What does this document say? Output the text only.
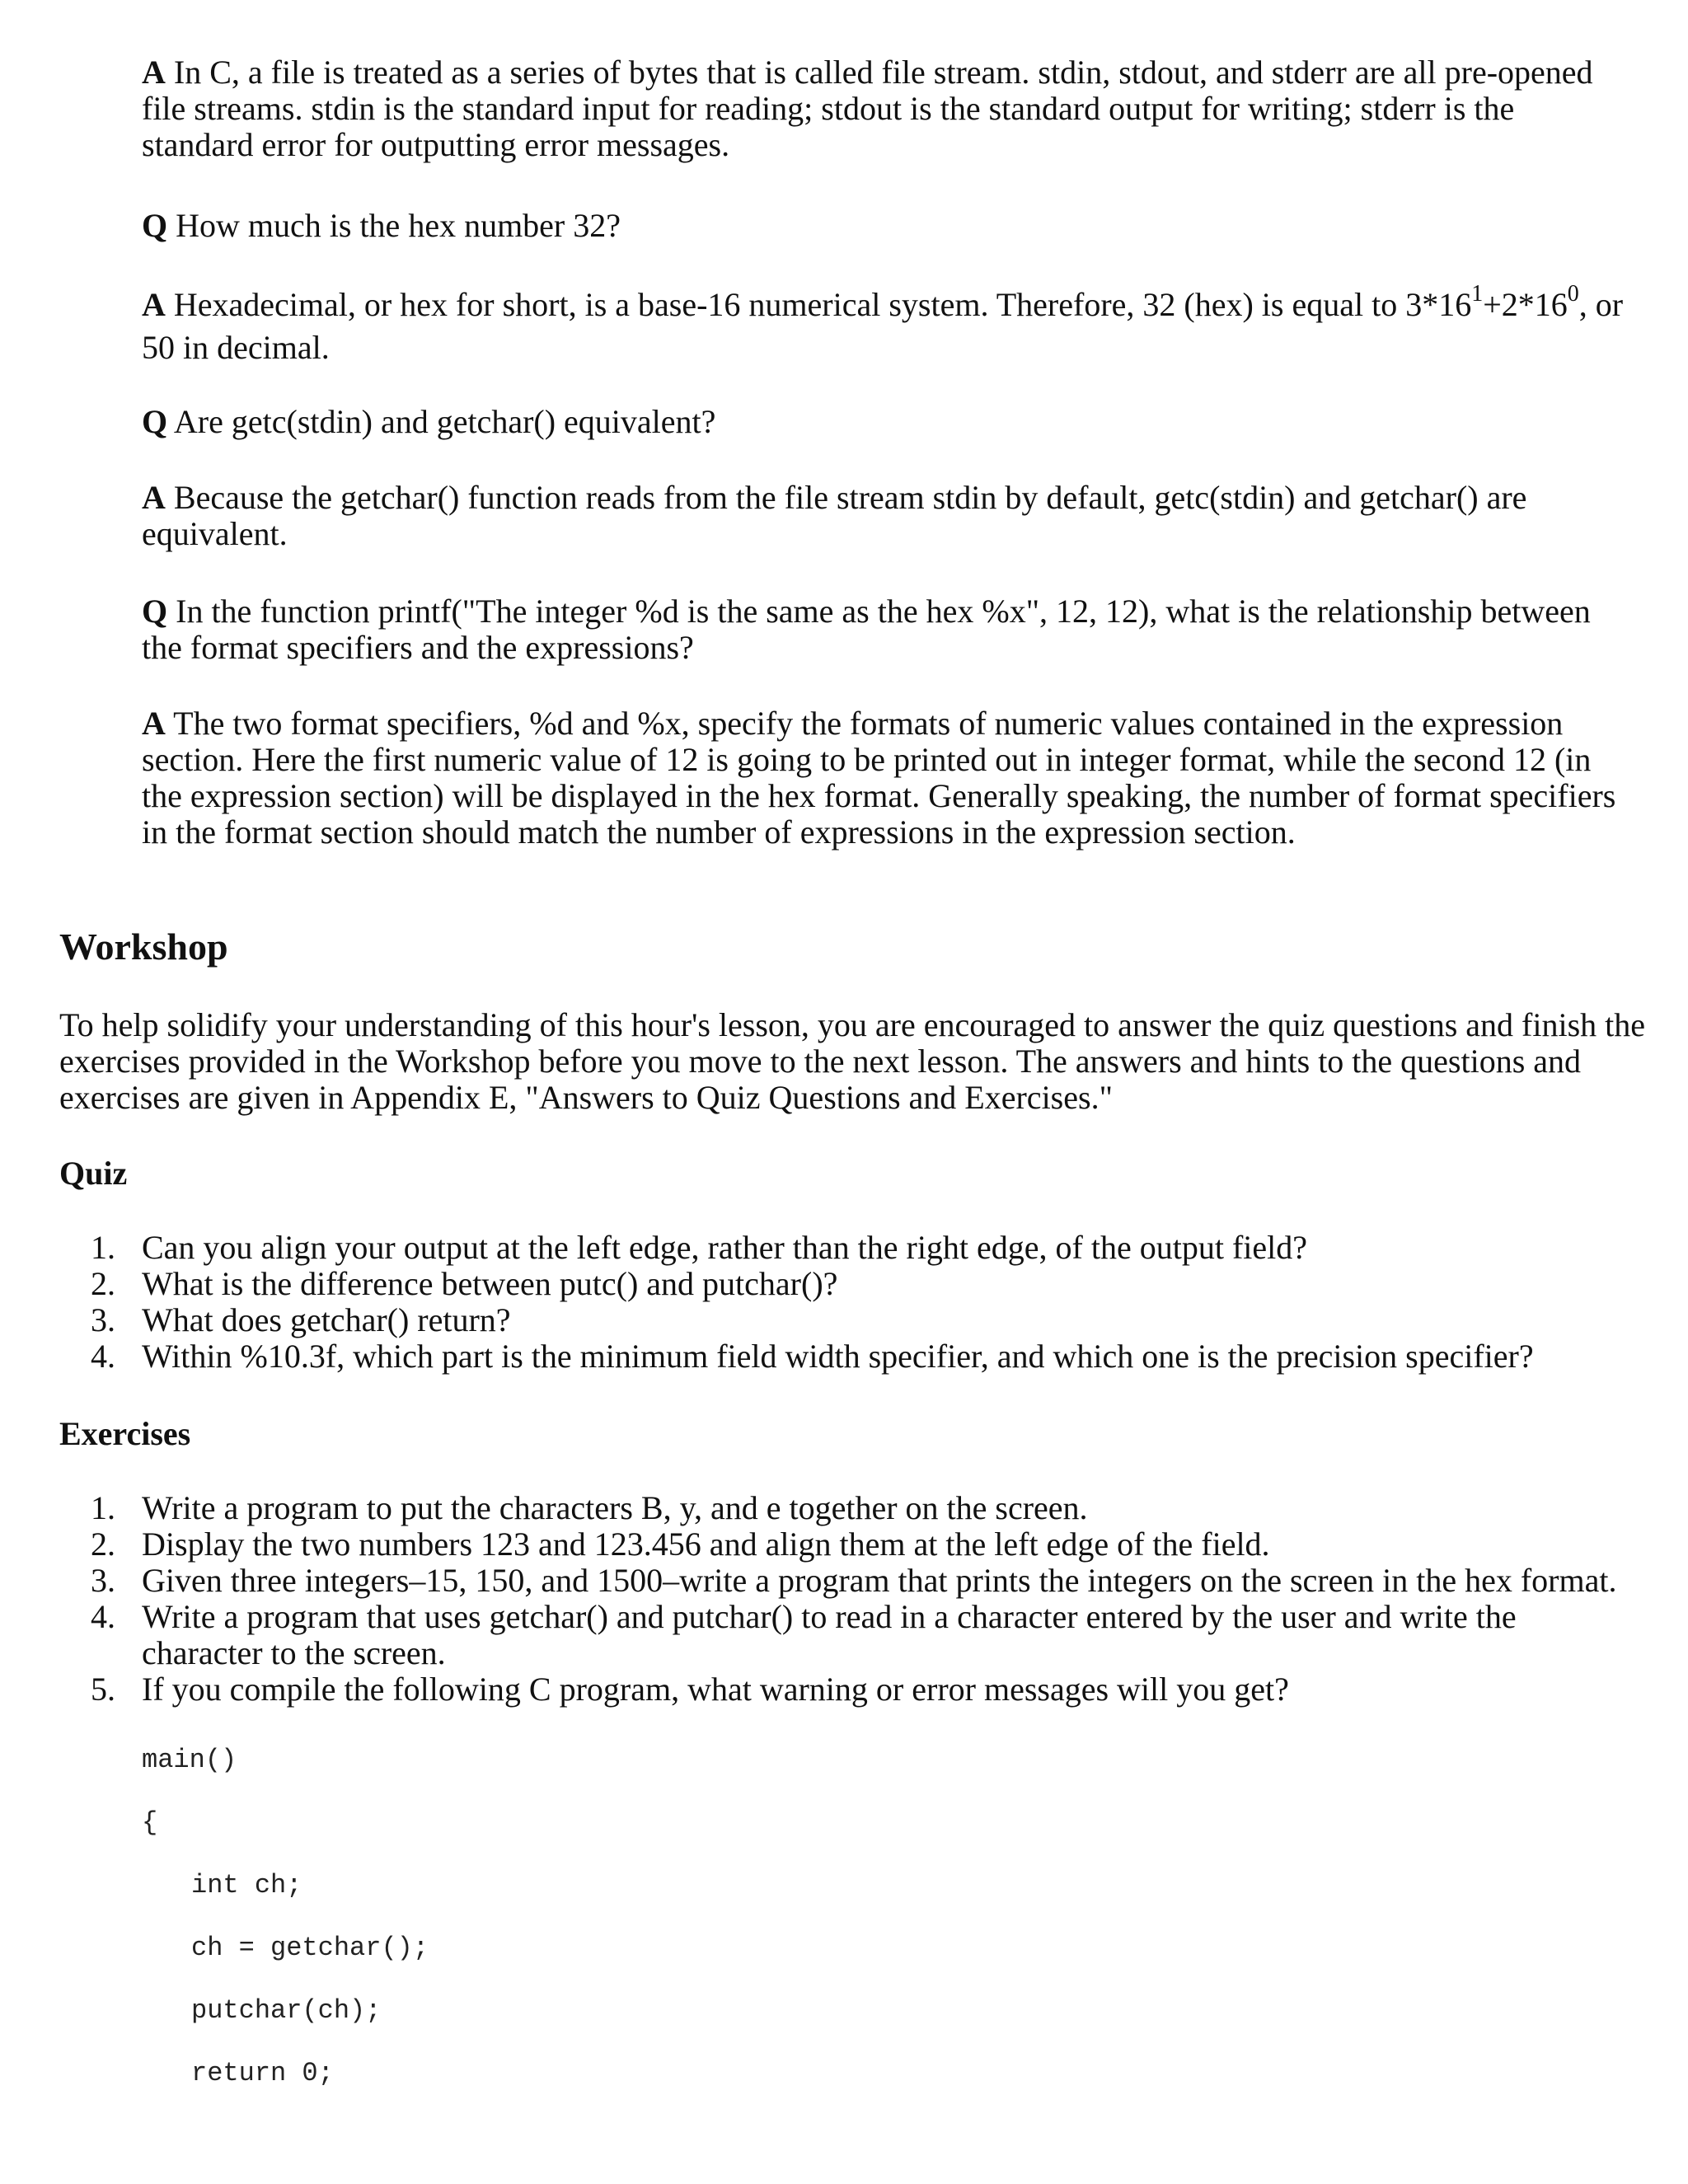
A In C, a file is treated as a series of bytes that is called file stream. stdin, stdout, and stderr are all pre-opened file streams. stdin is the standard input for reading; stdout is the standard output for writing; stderr is the standard error for outputting error messages.

Q How much is the hex number 32?

A Hexadecimal, or hex for short, is a base-16 numerical system. Therefore, 32 (hex) is equal to $3*16^1+2*16^0$, or 50 in decimal.

Q Are getc(stdin) and getchar() equivalent?

A Because the getchar() function reads from the file stream stdin by default, getc(stdin) and getchar() are equivalent.

Q In the function printf("The integer %d is the same as the hex %x", 12, 12), what is the relationship between the format specifiers and the expressions?

A The two format specifiers, %d and %x, specify the formats of numeric values contained in the expression section. Here the first numeric value of 12 is going to be printed out in integer format, while the second 12 (in the expression section) will be displayed in the hex format. Generally speaking, the number of format specifiers in the format section should match the number of expressions in the expression section.

Workshop

To help solidify your understanding of this hour's lesson, you are encouraged to answer the quiz questions and finish the exercises provided in the Workshop before you move to the next lesson. The answers and hints to the questions and exercises are given in Appendix E, "Answers to Quiz Questions and Exercises."

Quiz
1. Can you align your output at the left edge, rather than the right edge, of the output field?
2. What is the difference between putc() and putchar()?
3. What does getchar() return?
4. Within %10.3f, which part is the minimum field width specifier, and which one is the precision specifier?
Exercises
1. Write a program to put the characters B, y, and e together on the screen.
2. Display the two numbers 123 and 123.456 and align them at the left edge of the field.
3. Given three integers–15, 150, and 1500–write a program that prints the integers on the screen in the hex format.
4. Write a program that uses getchar() and putchar() to read in a character entered by the user and write the character to the screen.
5. If you compile the following C program, what warning or error messages will you get?
main()
{
int ch;
ch = getchar();
putchar(ch);
return 0;
